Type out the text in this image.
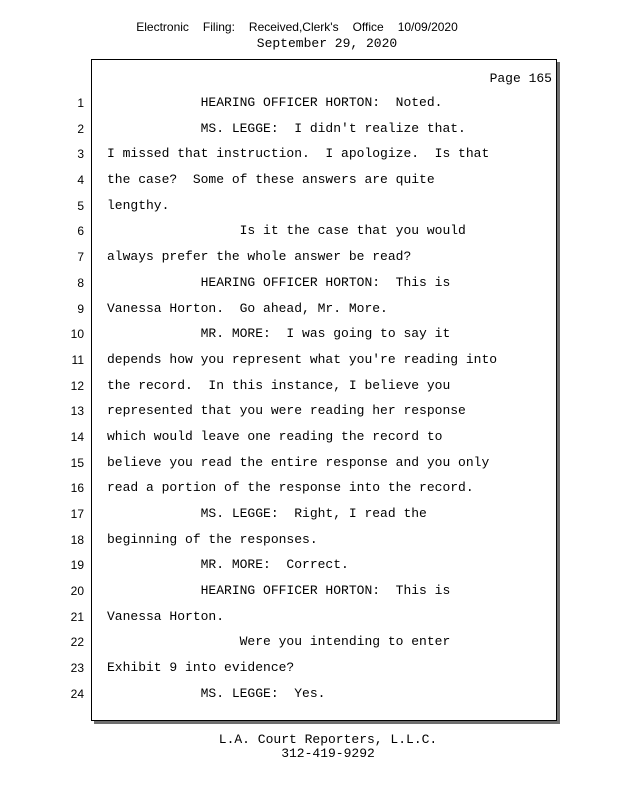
Electronic Filing: Received,Clerk's Office 10/09/2020
September 29, 2020
Page 165
1
2
3
4
5
6
7
8
9
10
11
12
13
14
15
16
17
18
19
20
21
22
23
24
HEARING OFFICER HORTON:  Noted.
MS. LEGGE:  I didn't realize that.
I missed that instruction.  I apologize.  Is that
the case?  Some of these answers are quite
lengthy.
Is it the case that you would
always prefer the whole answer be read?
HEARING OFFICER HORTON:  This is
Vanessa Horton.  Go ahead, Mr. More.
MR. MORE:  I was going to say it
depends how you represent what you're reading into
the record.  In this instance, I believe you
represented that you were reading her response
which would leave one reading the record to
believe you read the entire response and you only
read a portion of the response into the record.
MS. LEGGE:  Right, I read the
beginning of the responses.
MR. MORE:  Correct.
HEARING OFFICER HORTON:  This is
Vanessa Horton.
Were you intending to enter
Exhibit 9 into evidence?
MS. LEGGE:  Yes.
L.A. Court Reporters, L.L.C.
312-419-9292
